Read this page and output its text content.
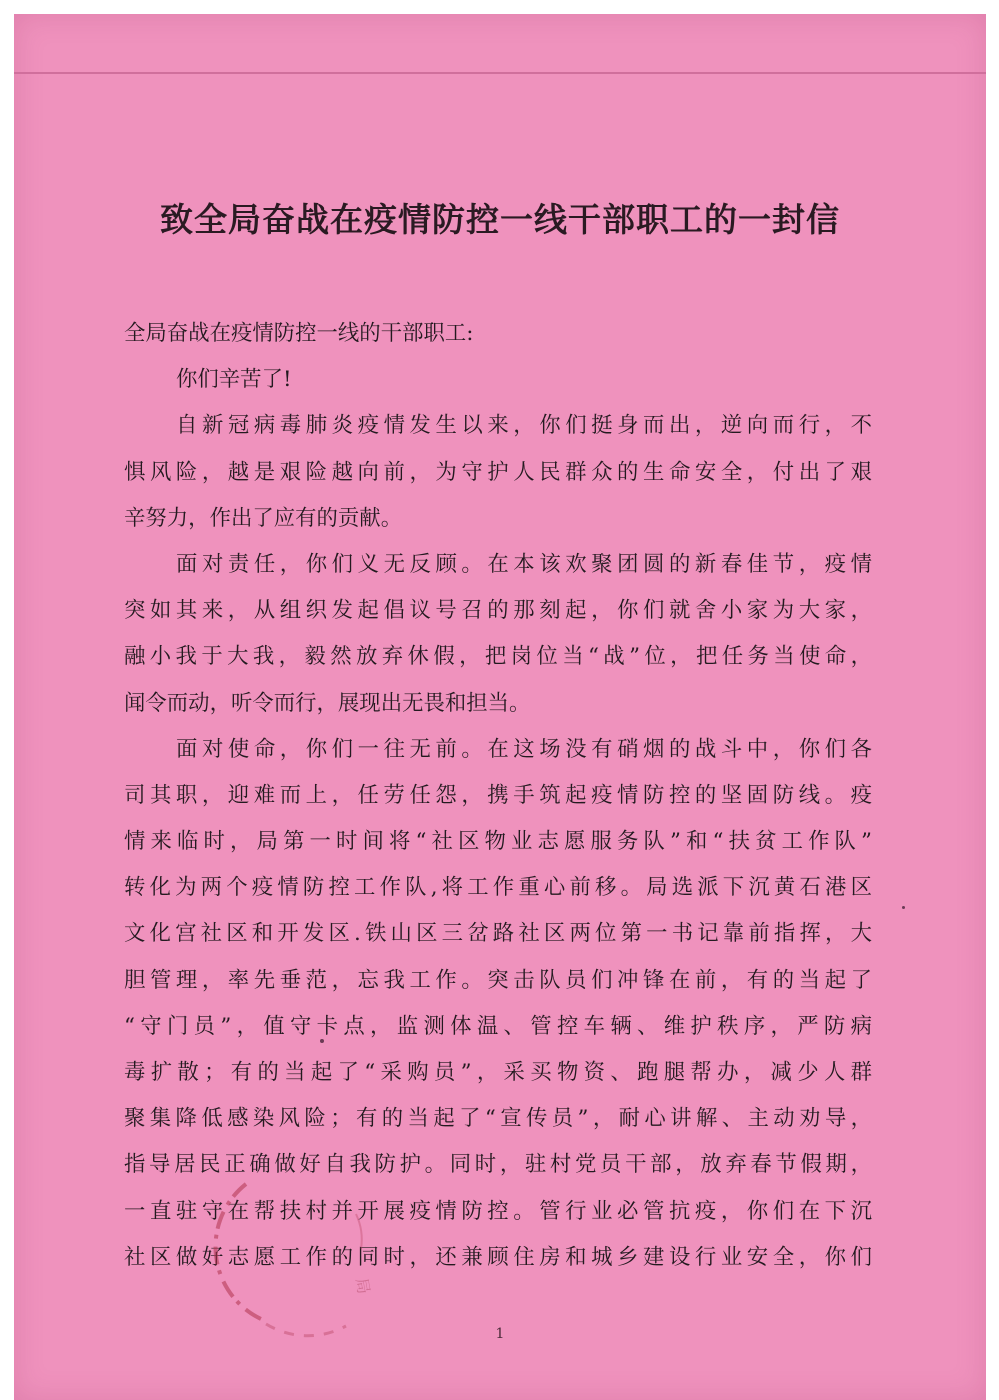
致全局奋战在疫情防控一线干部职工的一封信
全局奋战在疫情防控一线的干部职工:
你们辛苦了!
自新冠病毒肺炎疫情发生以来，你们挺身而出，逆向而行，不
惧风险，越是艰险越向前，为守护人民群众的生命安全，付出了艰
辛努力，作出了应有的贡献。
面对责任，你们义无反顾。在本该欢聚团圆的新春佳节，疫情
突如其来，从组织发起倡议号召的那刻起，你们就舍小家为大家，
融小我于大我，毅然放弃休假，把岗位当“战”位，把任务当使命，
闻令而动，听令而行，展现出无畏和担当。
面对使命，你们一往无前。在这场没有硝烟的战斗中，你们各
司其职，迎难而上，任劳任怨，携手筑起疫情防控的坚固防线。疫
情来临时，局第一时间将“社区物业志愿服务队”和“扶贫工作队”
转化为两个疫情防控工作队,将工作重心前移。局选派下沉黄石港区
文化宫社区和开发区.铁山区三岔路社区两位第一书记靠前指挥，大
胆管理，率先垂范，忘我工作。突击队员们冲锋在前，有的当起了
“守门员”，值守卡点，监测体温、管控车辆、维护秩序，严防病
毒扩散；有的当起了“采购员”，采买物资、跑腿帮办，减少人群
聚集降低感染风险；有的当起了“宣传员”，耐心讲解、主动劝导，
指导居民正确做好自我防护。同时，驻村党员干部，放弃春节假期，
一直驻守在帮扶村并开展疫情防控。管行业必管抗疫，你们在下沉
社区做好志愿工作的同时，还兼顾住房和城乡建设行业安全，你们
局
1
